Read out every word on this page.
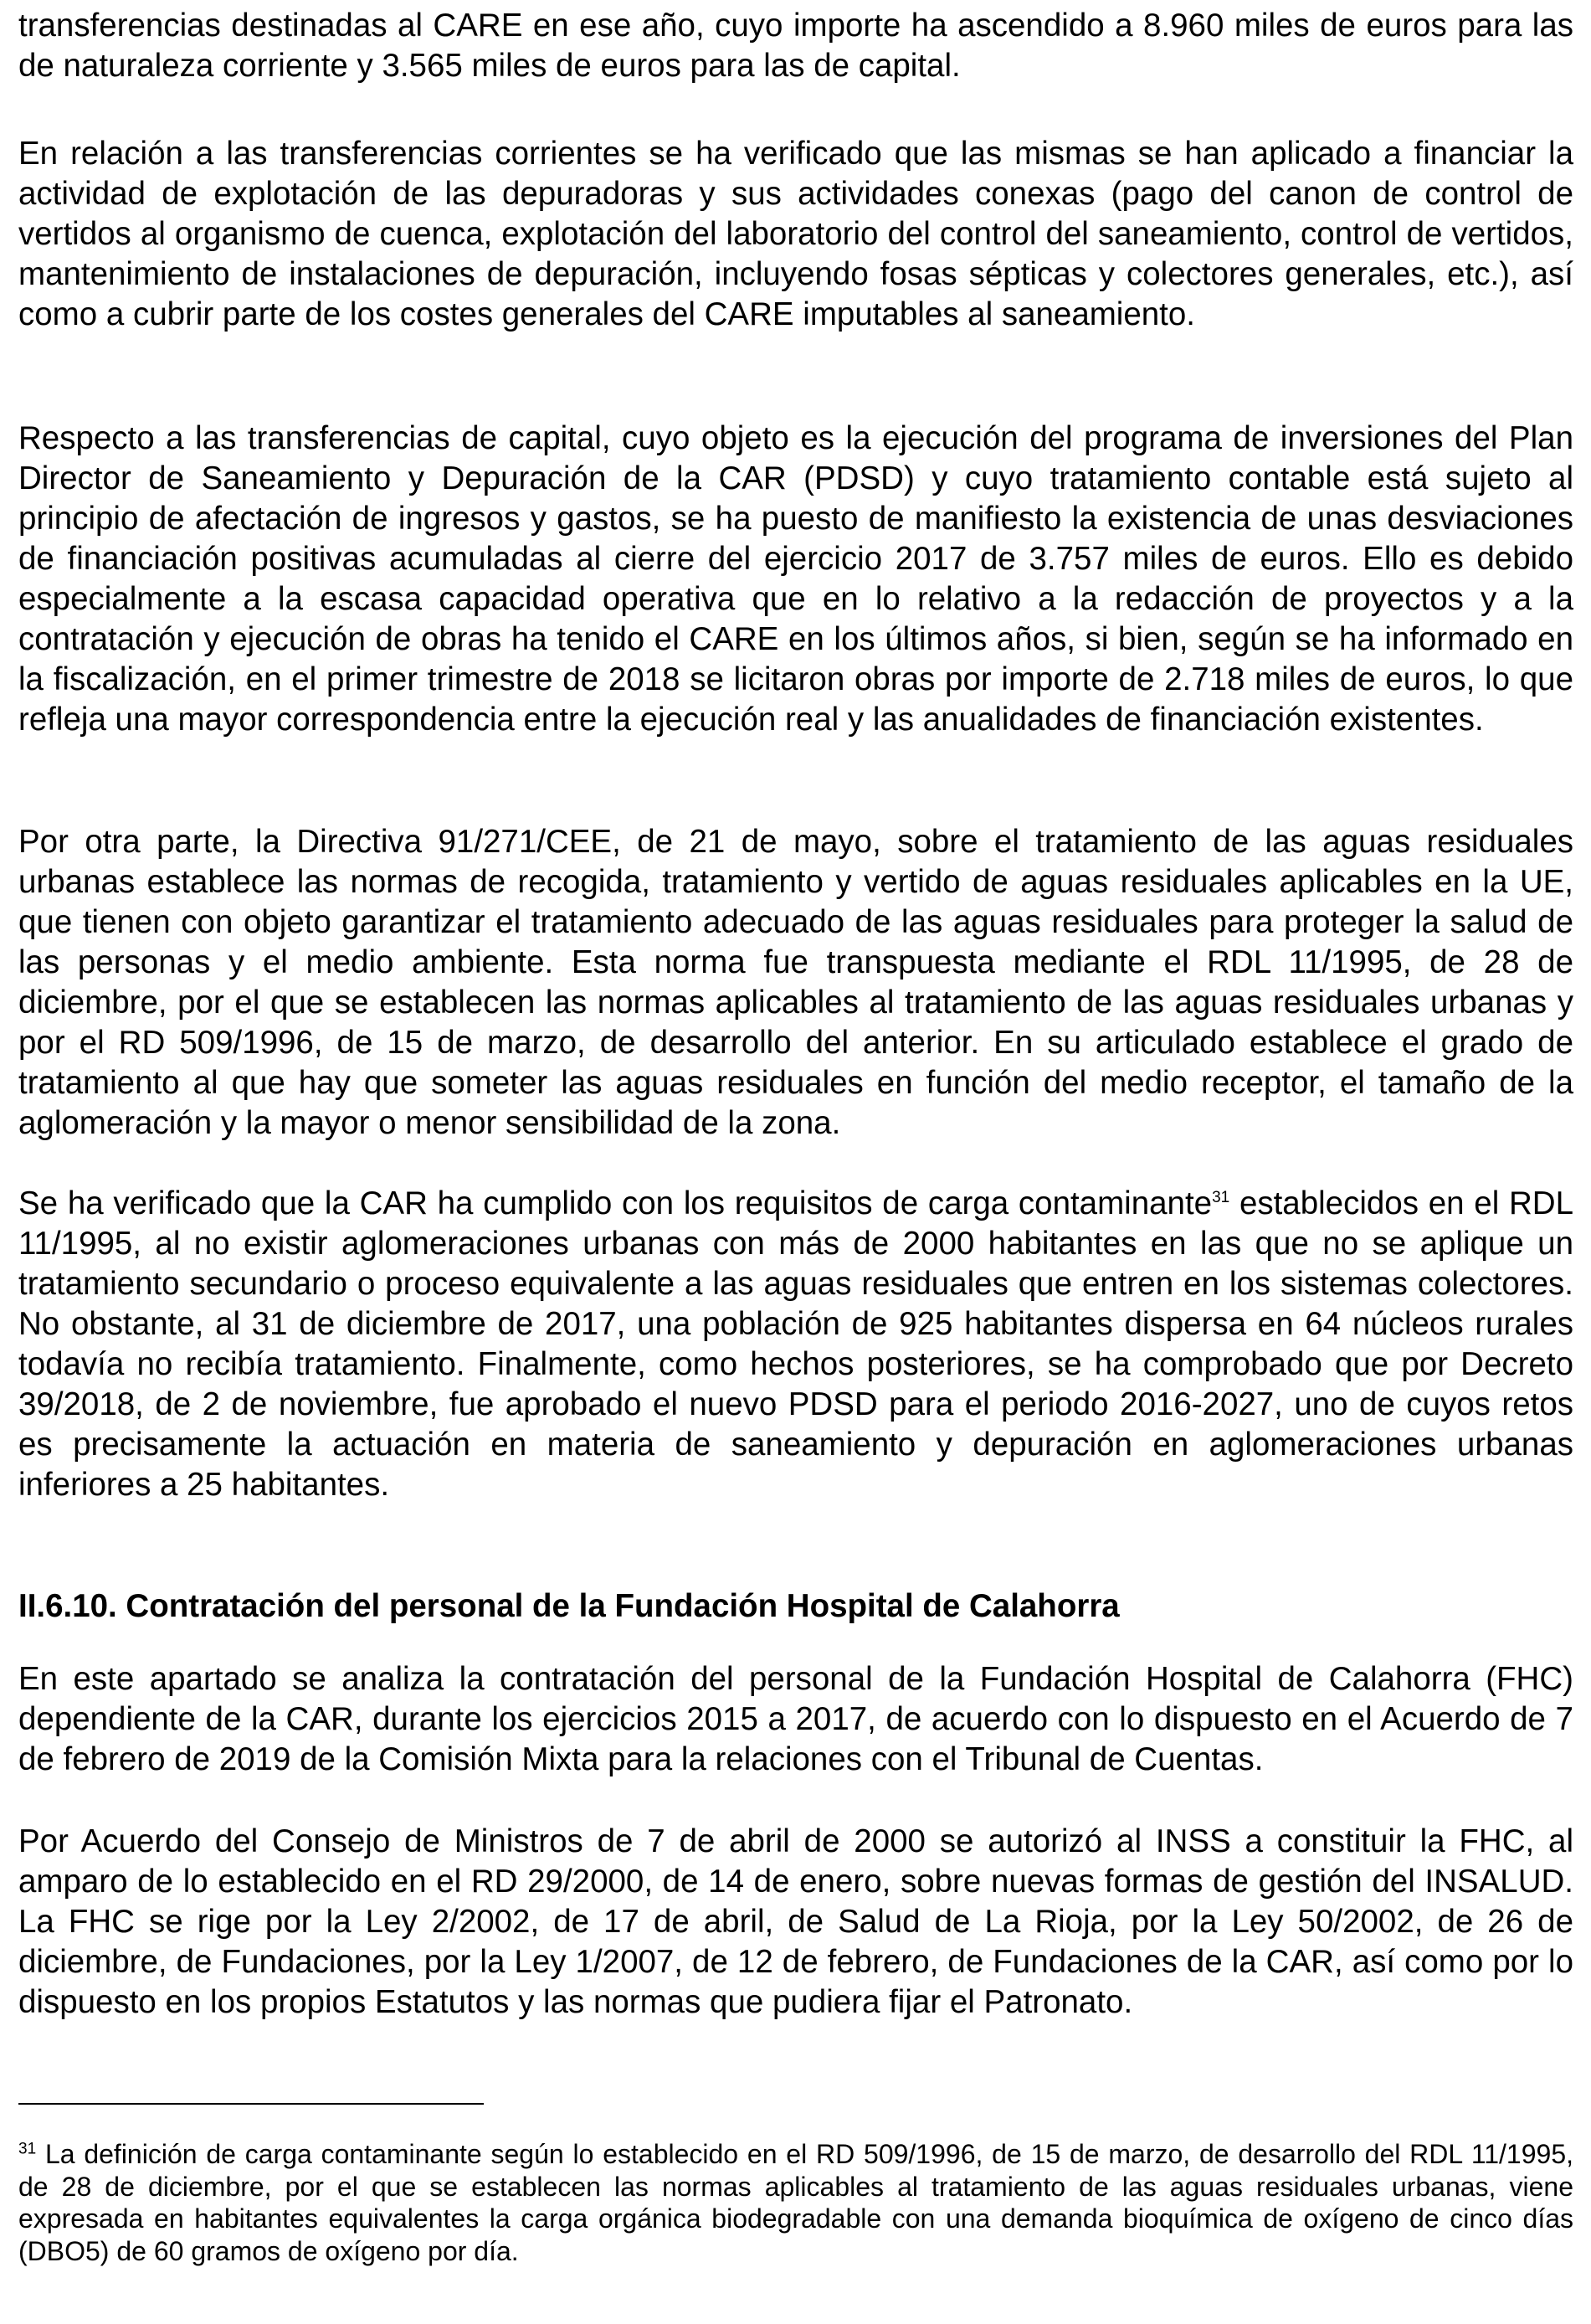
transferencias destinadas al CARE en ese año, cuyo importe ha ascendido a 8.960 miles de euros para las de naturaleza corriente y 3.565 miles de euros para las de capital.

En relación a las transferencias corrientes se ha verificado que las mismas se han aplicado a financiar la actividad de explotación de las depuradoras y sus actividades conexas (pago del canon de control de vertidos al organismo de cuenca, explotación del laboratorio del control del saneamiento, control de vertidos, mantenimiento de instalaciones de depuración, incluyendo fosas sépticas y colectores generales, etc.), así como a cubrir parte de los costes generales del CARE imputables al saneamiento.

Respecto a las transferencias de capital, cuyo objeto es la ejecución del programa de inversiones del Plan Director de Saneamiento y Depuración de la CAR (PDSD) y cuyo tratamiento contable está sujeto al principio de afectación de ingresos y gastos, se ha puesto de manifiesto la existencia de unas desviaciones de financiación positivas acumuladas al cierre del ejercicio 2017 de 3.757 miles de euros. Ello es debido especialmente a la escasa capacidad operativa que en lo relativo a la redacción de proyectos y a la contratación y ejecución de obras ha tenido el CARE en los últimos años, si bien, según se ha informado en la fiscalización, en el primer trimestre de 2018 se licitaron obras por importe de 2.718 miles de euros, lo que refleja una mayor correspondencia entre la ejecución real y las anualidades de financiación existentes.

Por otra parte, la Directiva 91/271/CEE, de 21 de mayo, sobre el tratamiento de las aguas residuales urbanas establece las normas de recogida, tratamiento y vertido de aguas residuales aplicables en la UE, que tienen con objeto garantizar el tratamiento adecuado de las aguas residuales para proteger la salud de las personas y el medio ambiente. Esta norma fue transpuesta mediante el RDL 11/1995, de 28 de diciembre, por el que se establecen las normas aplicables al tratamiento de las aguas residuales urbanas y por el RD 509/1996, de 15 de marzo, de desarrollo del anterior. En su articulado establece el grado de tratamiento al que hay que someter las aguas residuales en función del medio receptor, el tamaño de la aglomeración y la mayor o menor sensibilidad de la zona.

Se ha verificado que la CAR ha cumplido con los requisitos de carga contaminante$^{31}$ establecidos en el RDL 11/1995, al no existir aglomeraciones urbanas con más de 2000 habitantes en las que no se aplique un tratamiento secundario o proceso equivalente a las aguas residuales que entren en los sistemas colectores. No obstante, al 31 de diciembre de 2017, una población de 925 habitantes dispersa en 64 núcleos rurales todavía no recibía tratamiento. Finalmente, como hechos posteriores, se ha comprobado que por Decreto 39/2018, de 2 de noviembre, fue aprobado el nuevo PDSD para el periodo 2016-2027, uno de cuyos retos es precisamente la actuación en materia de saneamiento y depuración en aglomeraciones urbanas inferiores a 25 habitantes.

II.6.10. Contratación del personal de la Fundación Hospital de Calahorra

En este apartado se analiza la contratación del personal de la Fundación Hospital de Calahorra (FHC) dependiente de la CAR, durante los ejercicios 2015 a 2017, de acuerdo con lo dispuesto en el Acuerdo de 7 de febrero de 2019 de la Comisión Mixta para la relaciones con el Tribunal de Cuentas.

Por Acuerdo del Consejo de Ministros de 7 de abril de 2000 se autorizó al INSS a constituir la FHC, al amparo de lo establecido en el RD 29/2000, de 14 de enero, sobre nuevas formas de gestión del INSALUD. La FHC se rige por la Ley 2/2002, de 17 de abril, de Salud de La Rioja, por la Ley 50/2002, de 26 de diciembre, de Fundaciones, por la Ley 1/2007, de 12 de febrero, de Fundaciones de la CAR, así como por lo dispuesto en los propios Estatutos y las normas que pudiera fijar el Patronato.

$^{31}$ La definición de carga contaminante según lo establecido en el RD 509/1996, de 15 de marzo, de desarrollo del RDL 11/1995, de 28 de diciembre, por el que se establecen las normas aplicables al tratamiento de las aguas residuales urbanas, viene expresada en habitantes equivalentes la carga orgánica biodegradable con una demanda bioquímica de oxígeno de cinco días (DBO5) de 60 gramos de oxígeno por día.
